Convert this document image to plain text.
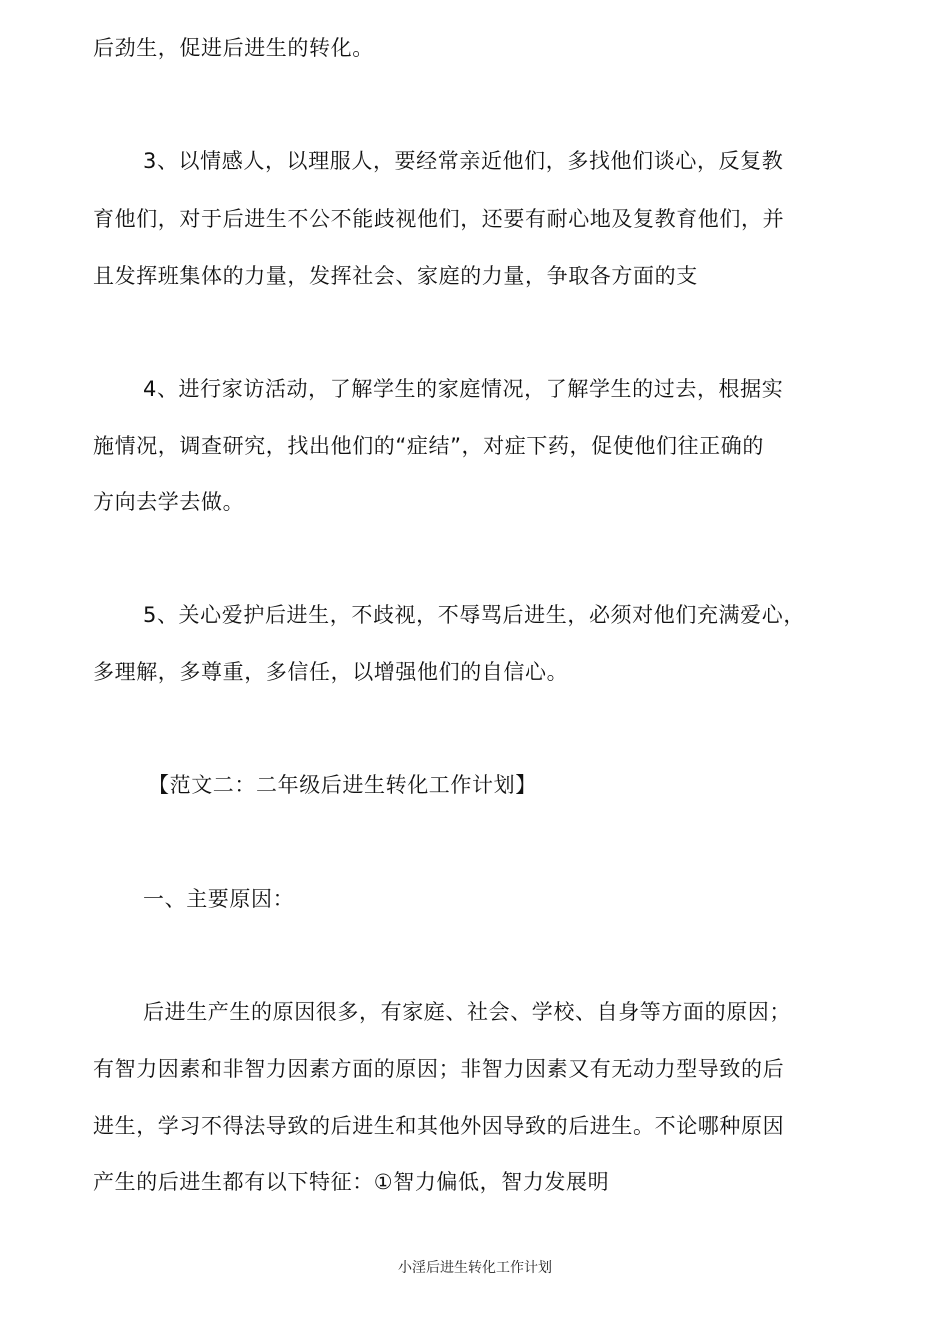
后劲生，促进后进生的转化。
3、以情感人，以理服人，要经常亲近他们，多找他们谈心，反复教
育他们，对于后进生不公不能歧视他们，还要有耐心地及复教育他们，并
且发挥班集体的力量，发挥社会、家庭的力量，争取各方面的支
4、进行家访活动，了解学生的家庭情况，了解学生的过去，根据实
施情况，调查研究，找出他们的“症结”，对症下药，促使他们往正确的
方向去学去做。
5、关心爱护后进生，不歧视，不辱骂后进生，必须对他们充满爱心，
多理解，多尊重，多信任，以增强他们的自信心。
【范文二：二年级后进生转化工作计划】
一、主要原因：
后进生产生的原因很多，有家庭、社会、学校、自身等方面的原因；
有智力因素和非智力因素方面的原因；非智力因素又有无动力型导致的后
进生，学习不得法导致的后进生和其他外因导致的后进生。不论哪种原因
产生的后进生都有以下特征：①智力偏低，智力发展明
小淫后进生转化工作计划
